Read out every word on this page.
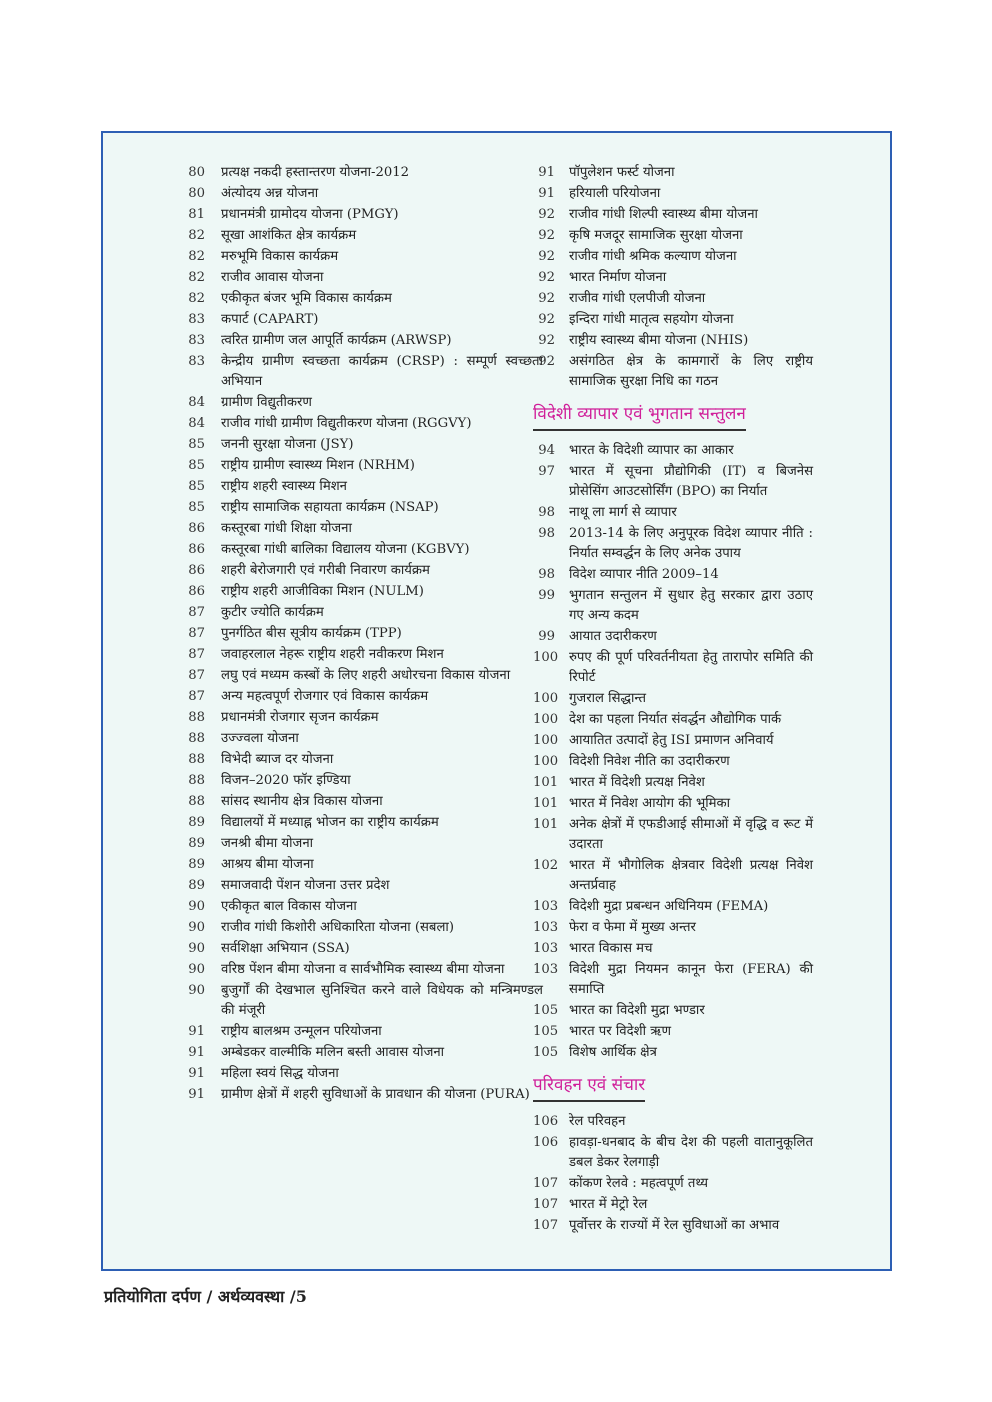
80	प्रत्यक्ष नकदी हस्तान्तरण योजना-2012
80	अंत्योदय अन्न योजना
81	प्रधानमंत्री ग्रामोदय योजना (PMGY)
82	सूखा आशंकित क्षेत्र कार्यक्रम
82	मरुभूमि विकास कार्यक्रम
82	राजीव आवास योजना
82	एकीकृत बंजर भूमि विकास कार्यक्रम
83	कपार्ट (CAPART)
83	त्वरित ग्रामीण जल आपूर्ति कार्यक्रम (ARWSP)
83	केन्द्रीय ग्रामीण स्वच्छता कार्यक्रम (CRSP) : सम्पूर्ण स्वच्छता अभियान
84	ग्रामीण विद्युतीकरण
84	राजीव गांधी ग्रामीण विद्युतीकरण योजना (RGGVY)
85	जननी सुरक्षा योजना (JSY)
85	राष्ट्रीय ग्रामीण स्वास्थ्य मिशन (NRHM)
85	राष्ट्रीय शहरी स्वास्थ्य मिशन
85	राष्ट्रीय सामाजिक सहायता कार्यक्रम (NSAP)
86	कस्तूरबा गांधी शिक्षा योजना
86	कस्तूरबा गांधी बालिका विद्यालय योजना (KGBVY)
86	शहरी बेरोजगारी एवं गरीबी निवारण कार्यक्रम
86	राष्ट्रीय शहरी आजीविका मिशन (NULM)
87	कुटीर ज्योति कार्यक्रम
87	पुनर्गठित बीस सूत्रीय कार्यक्रम (TPP)
87	जवाहरलाल नेहरू राष्ट्रीय शहरी नवीकरण मिशन
87	लघु एवं मध्यम कस्बों के लिए शहरी अधोरचना विकास योजना
87	अन्य महत्वपूर्ण रोजगार एवं विकास कार्यक्रम
88	प्रधानमंत्री रोजगार सृजन कार्यक्रम
88	उज्ज्वला योजना
88	विभेदी ब्याज दर योजना
88	विजन–2020 फॉर इण्डिया
88	सांसद स्थानीय क्षेत्र विकास योजना
89	विद्यालयों में मध्याह्न भोजन का राष्ट्रीय कार्यक्रम
89	जनश्री बीमा योजना
89	आश्रय बीमा योजना
89	समाजवादी पेंशन योजना उत्तर प्रदेश
90	एकीकृत बाल विकास योजना
90	राजीव गांधी किशोरी अधिकारिता योजना (सबला)
90	सर्वशिक्षा अभियान (SSA)
90	वरिष्ठ पेंशन बीमा योजना व सार्वभौमिक स्वास्थ्य बीमा योजना
90	बुजुर्गों की देखभाल सुनिश्चित करने वाले विधेयक को मन्त्रिमण्डल की मंजूरी
91	राष्ट्रीय बालश्रम उन्मूलन परियोजना
91	अम्बेडकर वाल्मीकि मलिन बस्ती आवास योजना
91	महिला स्वयं सिद्ध योजना
91	ग्रामीण क्षेत्रों में शहरी सुविधाओं के प्रावधान की योजना (PURA)
91	पॉपुलेशन फर्स्ट योजना
91	हरियाली परियोजना
92	राजीव गांधी शिल्पी स्वास्थ्य बीमा योजना
92	कृषि मजदूर सामाजिक सुरक्षा योजना
92	राजीव गांधी श्रमिक कल्याण योजना
92	भारत निर्माण योजना
92	राजीव गांधी एलपीजी योजना
92	इन्दिरा गांधी मातृत्व सहयोग योजना
92	राष्ट्रीय स्वास्थ्य बीमा योजना (NHIS)
92	असंगठित क्षेत्र के कामगारों के लिए राष्ट्रीय सामाजिक सुरक्षा निधि का गठन
विदेशी व्यापार एवं भुगतान सन्तुलन
94	भारत के विदेशी व्यापार का आकार
97	भारत में सूचना प्रौद्योगिकी (IT) व बिजनेस प्रोसेसिंग आउटसोर्सिंग (BPO) का निर्यात
98	नाथू ला मार्ग से व्यापार
98	2013-14 के लिए अनुपूरक विदेश व्यापार नीति : निर्यात सम्वर्द्धन के लिए अनेक उपाय
98	विदेश व्यापार नीति 2009–14
99	भुगतान सन्तुलन में सुधार हेतु सरकार द्वारा उठाए गए अन्य कदम
99	आयात उदारीकरण
100 रुपए की पूर्ण परिवर्तनीयता हेतु तारापोर समिति की रिपोर्ट
100 गुजराल सिद्धान्त
100 देश का पहला निर्यात संवर्द्धन औद्योगिक पार्क
100 आयातित उत्पादों हेतु ISI प्रमाणन अनिवार्य
100 विदेशी निवेश नीति का उदारीकरण
101 भारत में विदेशी प्रत्यक्ष निवेश
101 भारत में निवेश आयोग की भूमिका
101 अनेक क्षेत्रों में एफडीआई सीमाओं में वृद्धि व रूट में उदारता
102 भारत में भौगोलिक क्षेत्रवार विदेशी प्रत्यक्ष निवेश अन्तर्प्रवाह
103 विदेशी मुद्रा प्रबन्धन अधिनियम (FEMA)
103 फेरा व फेमा में मुख्य अन्तर
103 भारत विकास मच
103 विदेशी मुद्रा नियमन कानून फेरा (FERA) की समाप्ति
105 भारत का विदेशी मुद्रा भण्डार
105 भारत पर विदेशी ऋण
105 विशेष आर्थिक क्षेत्र
परिवहन एवं संचार
106 रेल परिवहन
106 हावड़ा-धनबाद के बीच देश की पहली वातानुकूलित डबल डेकर रेलगाड़ी
107 कोंकण रेलवे : महत्वपूर्ण तथ्य
107 भारत में मेट्रो रेल
107 पूर्वोत्तर के राज्यों में रेल सुविधाओं का अभाव
प्रतियोगिता दर्पण / अर्थव्यवस्था /5
